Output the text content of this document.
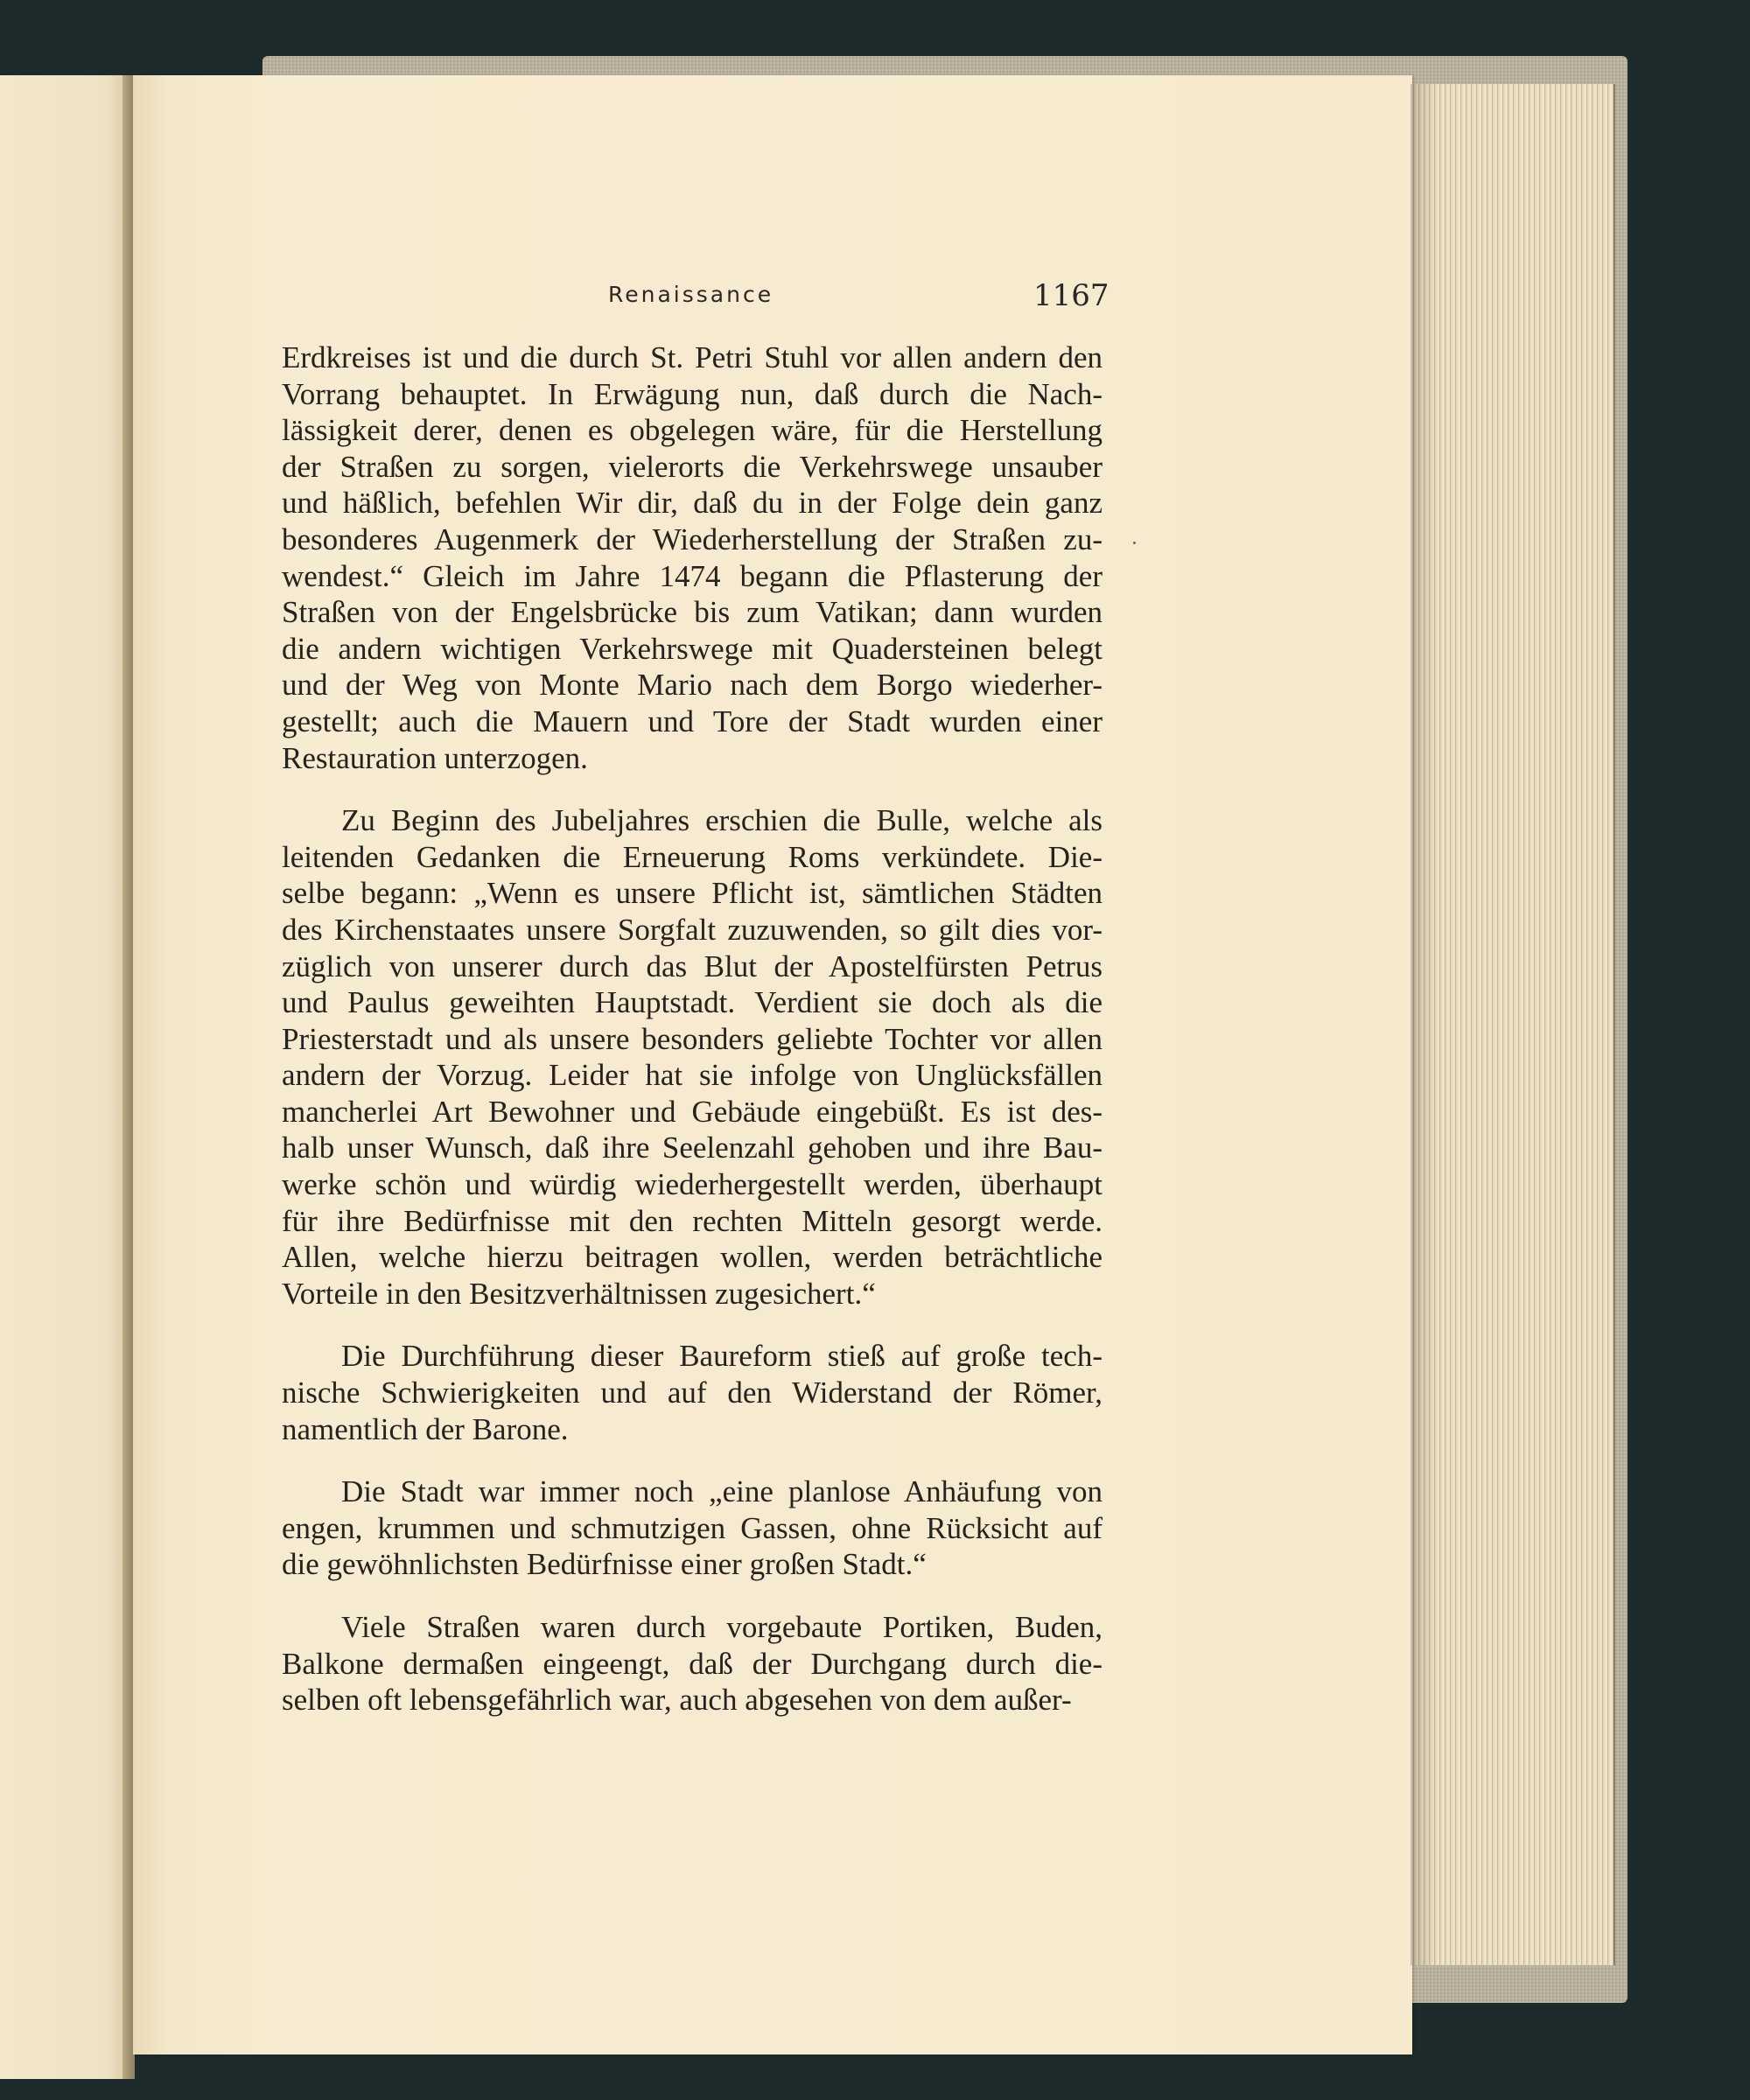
Renaissance	1167
Erdkreises ist und die durch St. Petri Stuhl vor allen andern den
Vorrang behauptet. In Erwägung nun, daß durch die Nach-
lässigkeit derer, denen es obgelegen wäre, für die Herstellung
der Straßen zu sorgen, vielerorts die Verkehrswege unsauber
und häßlich, befehlen Wir dir, daß du in der Folge dein ganz
besonderes Augenmerk der Wiederherstellung der Straßen zu-
wendest.“ Gleich im Jahre 1474 begann die Pflasterung der
Straßen von der Engelsbrücke bis zum Vatikan; dann wurden
die andern wichtigen Verkehrswege mit Quadersteinen belegt
und der Weg von Monte Mario nach dem Borgo wiederher-
gestellt; auch die Mauern und Tore der Stadt wurden einer
Restauration unterzogen.
Zu Beginn des Jubeljahres erschien die Bulle, welche als
leitenden Gedanken die Erneuerung Roms verkündete. Die-
selbe begann: „Wenn es unsere Pflicht ist, sämtlichen Städten
des Kirchenstaates unsere Sorgfalt zuzuwenden, so gilt dies vor-
züglich von unserer durch das Blut der Apostelfürsten Petrus
und Paulus geweihten Hauptstadt. Verdient sie doch als die
Priesterstadt und als unsere besonders geliebte Tochter vor allen
andern der Vorzug. Leider hat sie infolge von Unglücksfällen
mancherlei Art Bewohner und Gebäude eingebüßt. Es ist des-
halb unser Wunsch, daß ihre Seelenzahl gehoben und ihre Bau-
werke schön und würdig wiederhergestellt werden, überhaupt
für ihre Bedürfnisse mit den rechten Mitteln gesorgt werde.
Allen, welche hierzu beitragen wollen, werden beträchtliche
Vorteile in den Besitzverhältnissen zugesichert.“
Die Durchführung dieser Baureform stieß auf große tech-
nische Schwierigkeiten und auf den Widerstand der Römer,
namentlich der Barone.
Die Stadt war immer noch „eine planlose Anhäufung von
engen, krummen und schmutzigen Gassen, ohne Rücksicht auf
die gewöhnlichsten Bedürfnisse einer großen Stadt.“
Viele Straßen waren durch vorgebaute Portiken, Buden,
Balkone dermaßen eingeengt, daß der Durchgang durch die-
selben oft lebensgefährlich war, auch abgesehen von dem außer-
